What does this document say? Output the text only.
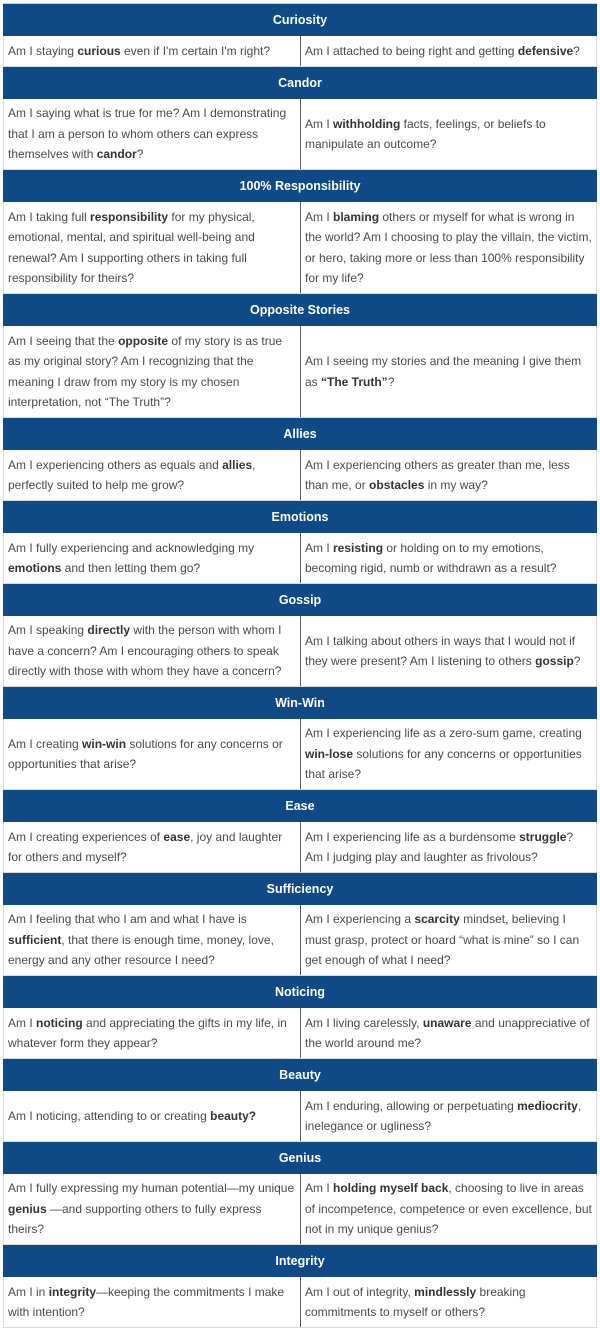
Curiosity
Am I staying curious even if I'm certain I'm right?	Am I attached to being right and getting defensive?
Candor
Am I saying what is true for me? Am I demonstrating that I am a person to whom others can express themselves with candor?
Am I withholding facts, feelings, or beliefs to manipulate an outcome?
100% Responsibility
Am I taking full responsibility for my physical, emotional, mental, and spiritual well-being and renewal? Am I supporting others in taking full responsibility for theirs?
Am I blaming others or myself for what is wrong in the world? Am I choosing to play the villain, the victim, or hero, taking more or less than 100% responsibility for my life?
Opposite Stories
Am I seeing that the opposite of my story is as true as my original story? Am I recognizing that the meaning I draw from my story is my chosen interpretation, not “The Truth”?
Am I seeing my stories and the meaning I give them as “The Truth”?
Allies
Am I experiencing others as equals and allies, perfectly suited to help me grow?
Am I experiencing others as greater than me, less than me, or obstacles in my way?
Emotions
Am I fully experiencing and acknowledging my emotions and then letting them go?
Am I resisting or holding on to my emotions, becoming rigid, numb or withdrawn as a result?
Gossip
Am I speaking directly with the person with whom I have a concern? Am I encouraging others to speak directly with those with whom they have a concern?
Am I talking about others in ways that I would not if they were present? Am I listening to others gossip?
Win-Win
Am I creating win-win solutions for any concerns or opportunities that arise?
Am I experiencing life as a zero-sum game, creating win-lose solutions for any concerns or opportunities that arise?
Ease
Am I creating experiences of ease, joy and laughter for others and myself?
Am I experiencing life as a burdensome struggle? Am I judging play and laughter as frivolous?
Sufficiency
Am I feeling that who I am and what I have is sufficient, that there is enough time, money, love, energy and any other resource I need?
Am I experiencing a scarcity mindset, believing I must grasp, protect or hoard “what is mine” so I can get enough of what I need?
Noticing
Am I noticing and appreciating the gifts in my life, in whatever form they appear?
Am I living carelessly, unaware and unappreciative of the world around me?
Beauty
Am I noticing, attending to or creating beauty?
Am I enduring, allowing or perpetuating mediocrity, inelegance or ugliness?
Genius
Am I fully expressing my human potential—my unique genius —and supporting others to fully express theirs?
Am I holding myself back, choosing to live in areas of incompetence, competence or even excellence, but not in my unique genius?
Integrity
Am I in integrity—keeping the commitments I make with intention?
Am I out of integrity, mindlessly breaking commitments to myself or others?
